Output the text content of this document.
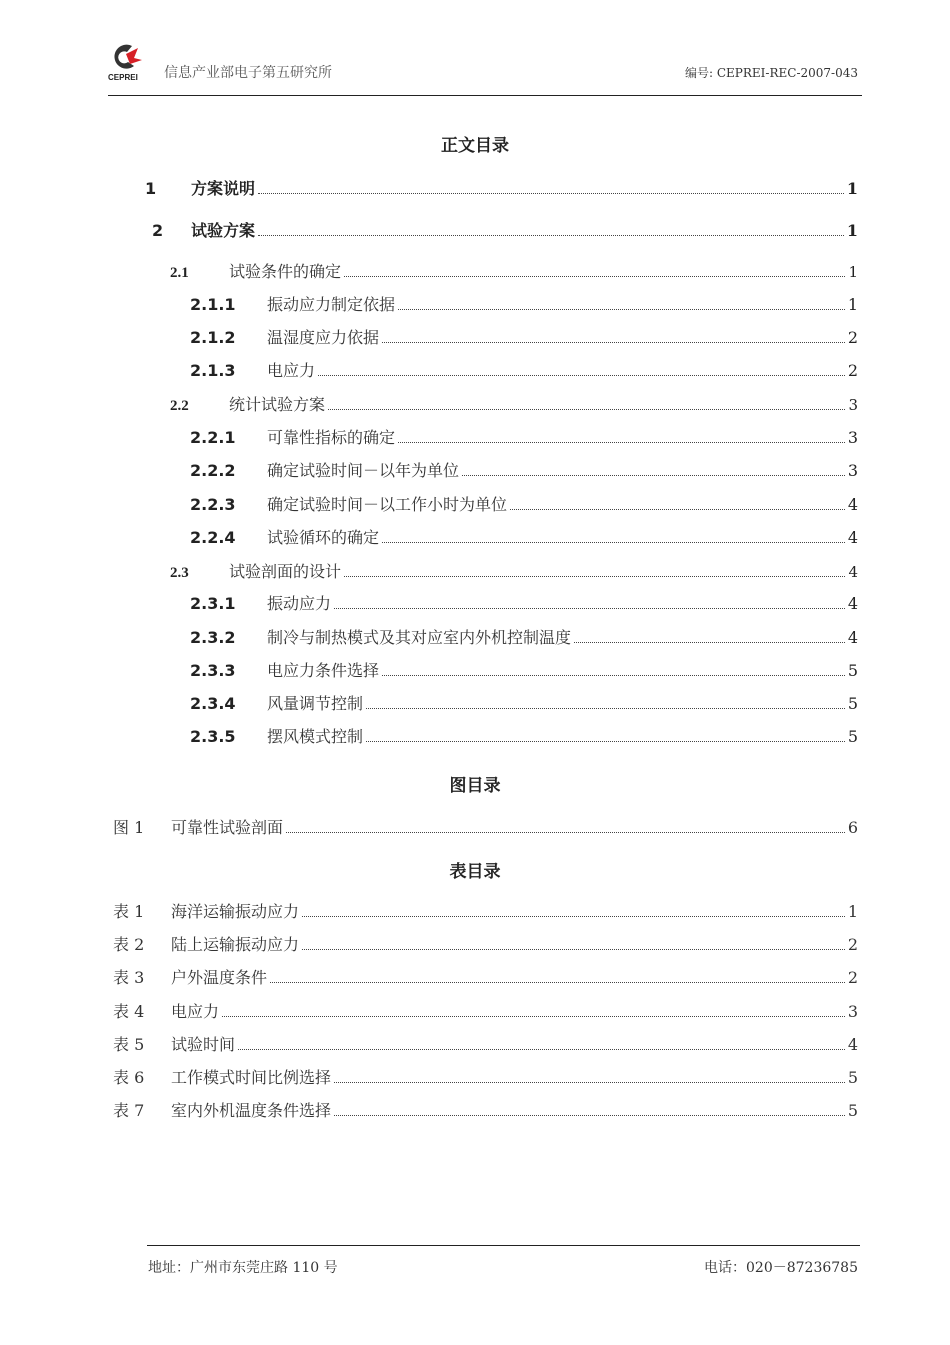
CEPREI 信息产业部电子第五研究所	编号: CEPREI-REC-2007-043
正文目录
1	方案说明	1
2	试验方案	1
2.1	试验条件的确定	1
2.1.1	振动应力制定依据	1
2.1.2	温湿度应力依据	2
2.1.3	电应力	2
2.2	统计试验方案	3
2.2.1	可靠性指标的确定	3
2.2.2	确定试验时间－以年为单位	3
2.2.3	确定试验时间－以工作小时为单位	4
2.2.4	试验循环的确定	4
2.3	试验剖面的设计	4
2.3.1	振动应力	4
2.3.2	制冷与制热模式及其对应室内外机控制温度	4
2.3.3	电应力条件选择	5
2.3.4	风量调节控制	5
2.3.5	摆风模式控制	5
图目录
图 1	可靠性试验剖面	6
表目录
表 1	海洋运输振动应力	1
表 2	陆上运输振动应力	2
表 3	户外温度条件	2
表 4	电应力	3
表 5	试验时间	4
表 6	工作模式时间比例选择	5
表 7	室内外机温度条件选择	5
地址：广州市东莞庄路 110 号	电话：020－87236785
